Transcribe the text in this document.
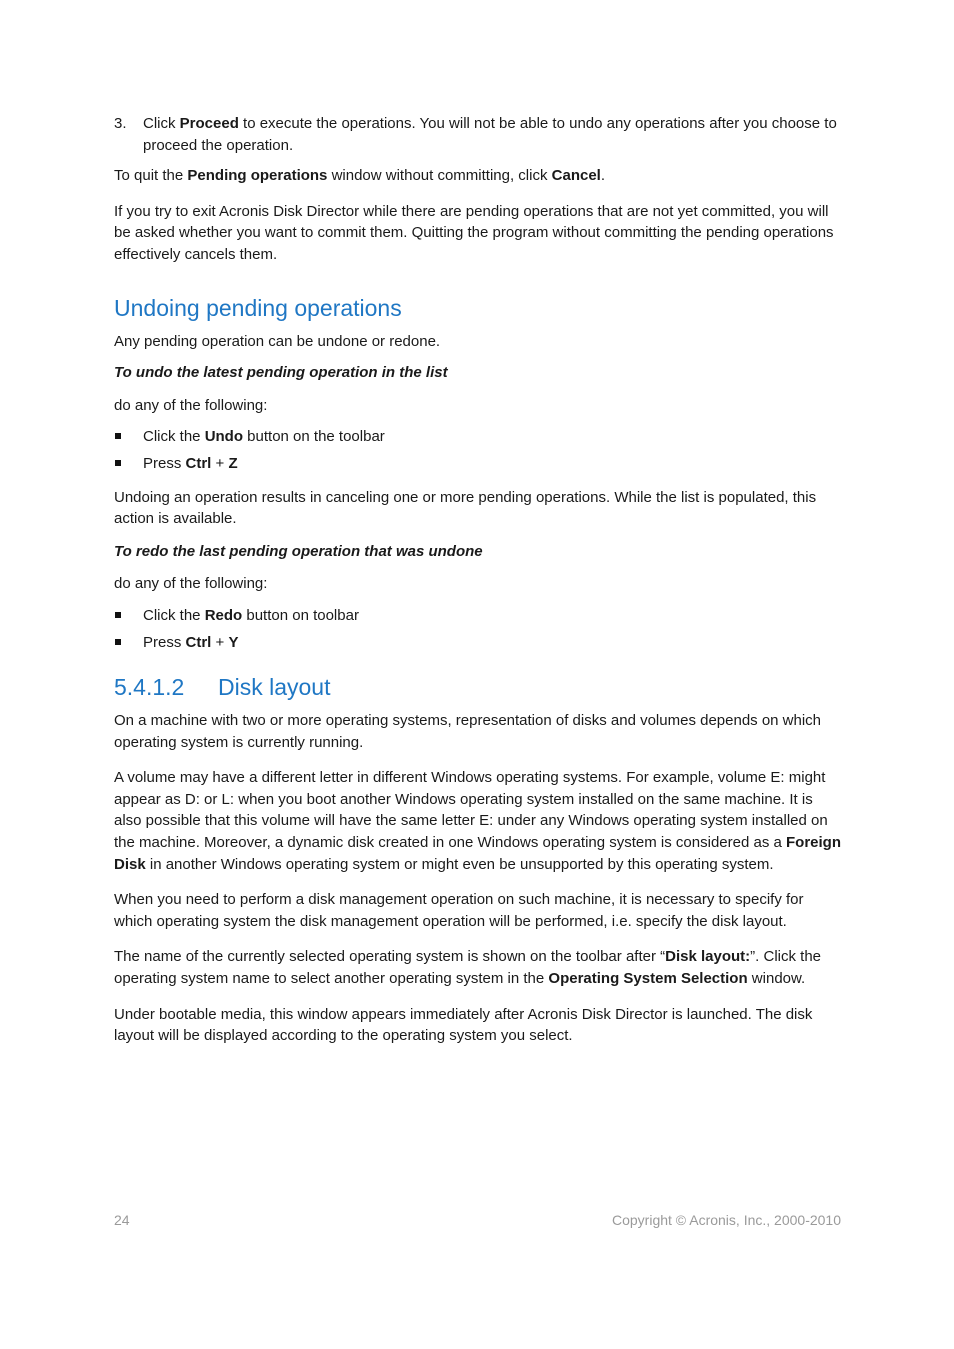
3. Click Proceed to execute the operations. You will not be able to undo any operations after you choose to proceed the operation.

To quit the Pending operations window without committing, click Cancel.

If you try to exit Acronis Disk Director while there are pending operations that are not yet committed, you will be asked whether you want to commit them. Quitting the program without committing the pending operations effectively cancels them.

Undoing pending operations

Any pending operation can be undone or redone.

To undo the latest pending operation in the list

do any of the following:

Click the Undo button on the toolbar
Press Ctrl + Z

Undoing an operation results in canceling one or more pending operations. While the list is populated, this action is available.

To redo the last pending operation that was undone

do any of the following:

Click the Redo button on toolbar
Press Ctrl + Y
5.4.1.2 Disk layout

On a machine with two or more operating systems, representation of disks and volumes depends on which operating system is currently running.

A volume may have a different letter in different Windows operating systems. For example, volume E: might appear as D: or L: when you boot another Windows operating system installed on the same machine. It is also possible that this volume will have the same letter E: under any Windows operating system installed on the machine. Moreover, a dynamic disk created in one Windows operating system is considered as a Foreign Disk in another Windows operating system or might even be unsupported by this operating system.

When you need to perform a disk management operation on such machine, it is necessary to specify for which operating system the disk management operation will be performed, i.e. specify the disk layout.

The name of the currently selected operating system is shown on the toolbar after “Disk layout:”. Click the operating system name to select another operating system in the Operating System Selection window.

Under bootable media, this window appears immediately after Acronis Disk Director is launched. The disk layout will be displayed according to the operating system you select.

24	Copyright © Acronis, Inc., 2000-2010
